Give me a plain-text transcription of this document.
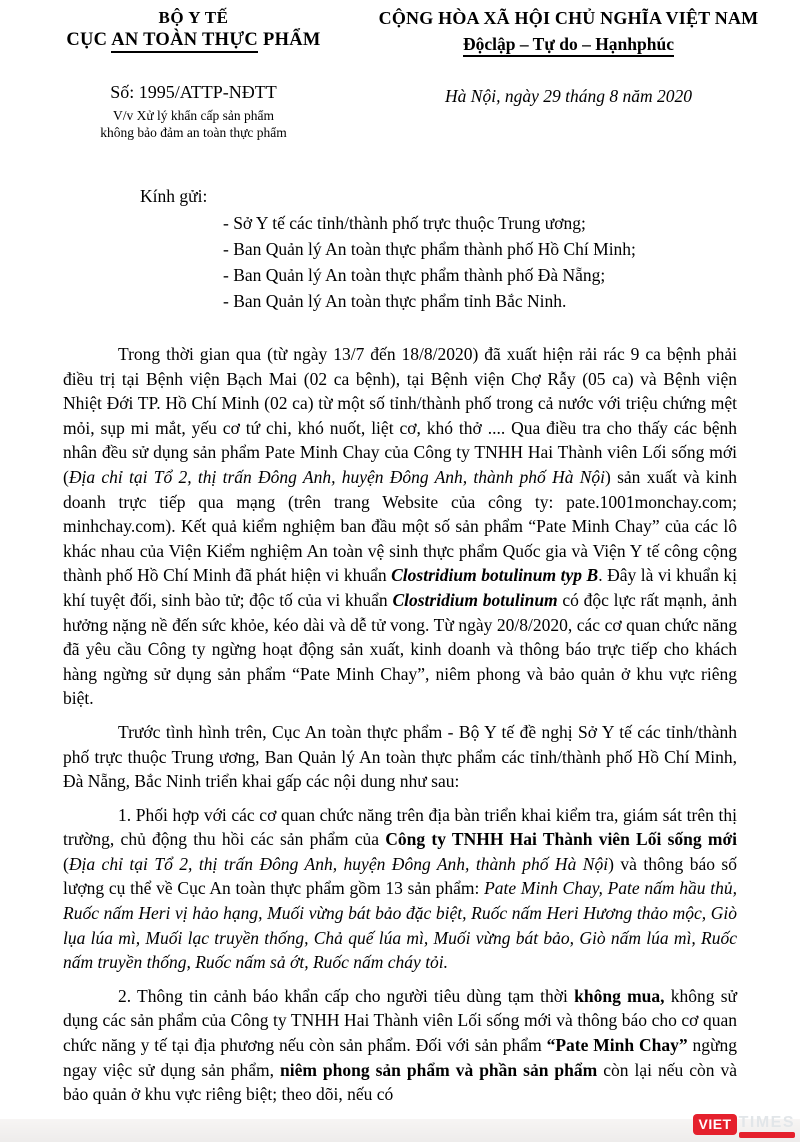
BỘ Y TẾ
CỤC AN TOÀN THỰC PHẨM
Số: 1995/ATTP-NĐTT
V/v Xử lý khẩn cấp sản phẩm
không bảo đảm an toàn thực phẩm
CỘNG HÒA XÃ HỘI CHỦ NGHĨA VIỆT NAM
Độclập – Tự do – Hạnhphúc
Hà Nội, ngày 29 tháng 8 năm 2020
Kính gửi:
- Sở Y tế các tỉnh/thành phố trực thuộc Trung ương;
- Ban Quản lý An toàn thực phẩm thành phố Hồ Chí Minh;
- Ban Quản lý An toàn thực phẩm thành phố Đà Nẵng;
- Ban Quản lý An toàn thực phẩm tỉnh Bắc Ninh.

Trong thời gian qua (từ ngày 13/7 đến 18/8/2020) đã xuất hiện rải rác 9 ca bệnh phải điều trị tại Bệnh viện Bạch Mai (02 ca bệnh), tại Bệnh viện Chợ Rẫy (05 ca) và Bệnh viện Nhiệt Đới TP. Hồ Chí Minh (02 ca) từ một số tỉnh/thành phố trong cả nước với triệu chứng mệt mỏi, sụp mi mắt, yếu cơ tứ chi, khó nuốt, liệt cơ, khó thở .... Qua điều tra cho thấy các bệnh nhân đều sử dụng sản phẩm Pate Minh Chay của Công ty TNHH Hai Thành viên Lối sống mới (Địa chỉ tại Tổ 2, thị trấn Đông Anh, huyện Đông Anh, thành phố Hà Nội) sản xuất và kinh doanh trực tiếp qua mạng (trên trang Website của công ty: pate.1001monchay.com; minhchay.com). Kết quả kiểm nghiệm ban đầu một số sản phẩm “Pate Minh Chay” của các lô khác nhau của Viện Kiểm nghiệm An toàn vệ sinh thực phẩm Quốc gia và Viện Y tế công cộng thành phố Hồ Chí Minh đã phát hiện vi khuẩn Clostridium botulinum typ B. Đây là vi khuẩn kị khí tuyệt đối, sinh bào tử; độc tố của vi khuẩn Clostridium botulinum có độc lực rất mạnh, ảnh hưởng nặng nề đến sức khỏe, kéo dài và dễ tử vong. Từ ngày 20/8/2020, các cơ quan chức năng đã yêu cầu Công ty ngừng hoạt động sản xuất, kinh doanh và thông báo trực tiếp cho khách hàng ngừng sử dụng sản phẩm “Pate Minh Chay”, niêm phong và bảo quản ở khu vực riêng biệt.

Trước tình hình trên, Cục An toàn thực phẩm - Bộ Y tế đề nghị Sở Y tế các tỉnh/thành phố trực thuộc Trung ương, Ban Quản lý An toàn thực phẩm các tỉnh/thành phố Hồ Chí Minh, Đà Nẵng, Bắc Ninh triển khai gấp các nội dung như sau:

1. Phối hợp với các cơ quan chức năng trên địa bàn triển khai kiểm tra, giám sát trên thị trường, chủ động thu hồi các sản phẩm của Công ty TNHH Hai Thành viên Lối sống mới (Địa chỉ tại Tổ 2, thị trấn Đông Anh, huyện Đông Anh, thành phố Hà Nội) và thông báo số lượng cụ thể về Cục An toàn thực phẩm gồm 13 sản phẩm: Pate Minh Chay, Pate nấm hầu thủ, Ruốc nấm Heri vị hảo hạng, Muối vừng bát bảo đặc biệt, Ruốc nấm Heri Hương thảo mộc, Giò lụa lúa mì, Muối lạc truyền thống, Chả quế lúa mì, Muối vừng bát bảo, Giò nấm lúa mì, Ruốc nấm truyền thống, Ruốc nấm sả ớt, Ruốc nấm cháy tỏi.

2. Thông tin cảnh báo khẩn cấp cho người tiêu dùng tạm thời không mua, không sử dụng các sản phẩm của Công ty TNHH Hai Thành viên Lối sống mới và thông báo cho cơ quan chức năng y tế tại địa phương nếu còn sản phẩm. Đối với sản phẩm “Pate Minh Chay” ngừng ngay việc sử dụng sản phẩm, niêm phong sản phẩm và phần sản phẩm còn lại nếu còn và bảo quản ở khu vực riêng biệt; theo dõi, nếu có

VIET TIMES
